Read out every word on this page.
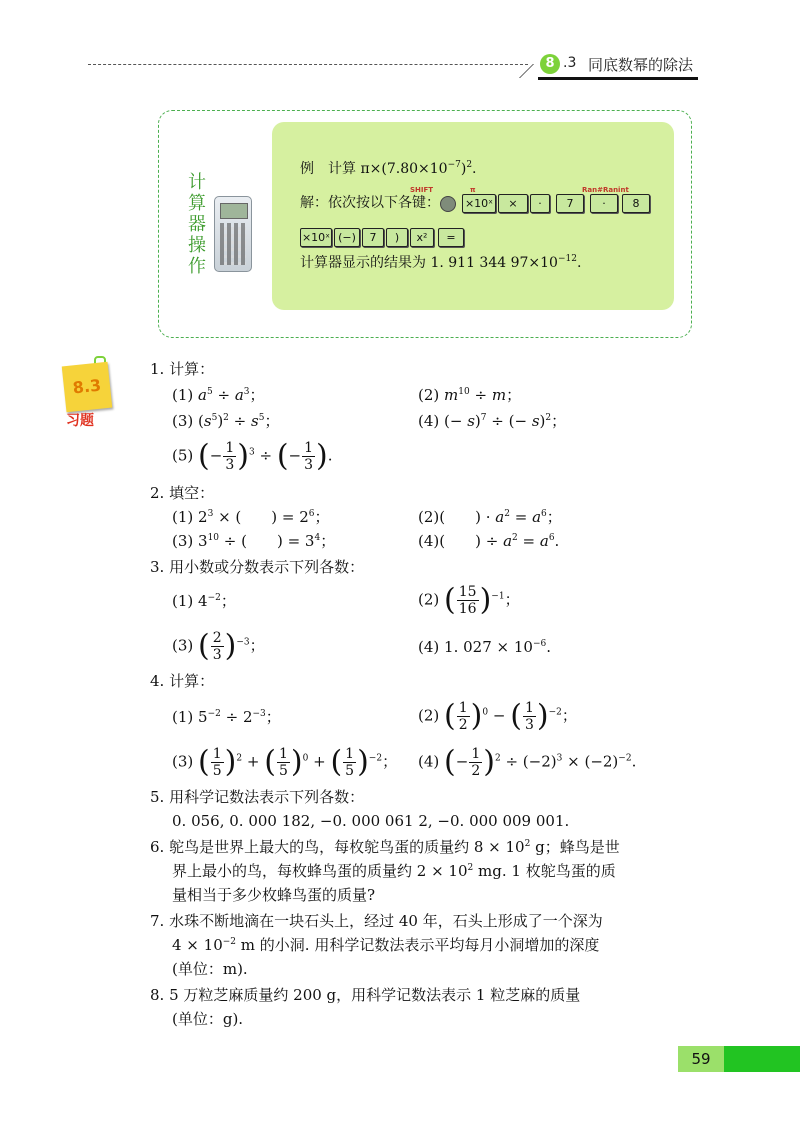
8 .3 同底数幂的除法
计算器操作
例　计算 $\pi\times(7.80\times 10^{-7})^2$.
解：依次按以下各键：
SHIFT	π	Ran#Ranint
×10ˣ	×	·	7	·	8
×10ˣ (−)	7	)	x²	=
计算器显示的结果为 1. 911 344 $97\times 10^{-12}$.
8.3
习题
1. 计算：
(1) $a^5 \div a^3$；	(2) $m^{10} \div m$；
(3) $(s^5)^2 \div s^5$；	(4) (− s)$^7$ ÷ (− s)$^2$；
(5) (− $\frac{1}{3} )^3$ ÷ (− $\frac{1}{3}$ ).
2. 填空：
(1) $2^3$ × (　　) = $2^6$；	(2)(　　) · $a^2 = a^6$；
(3) $3^{10}$ ÷ (　　) = $3^4$；	(4)(　　) ÷ $a^2 = a^6$.
3. 用小数或分数表示下列各数：
(1) $4^{-2}$；	(2) ( $\frac{15}{16} )^{-1}$；
(3) ( $\frac{2}{3} )^{-3}$；	(4) 1. $027 \times 10^{-6}$.
4. 计算：
(1) $5^{-2} \div 2^{-3}$；	(2) ( $\frac{1}{2} )^0$ − ( $\frac{1}{3} )^{-2}$；
(3) ( $\frac{1}{5} )^2$ + ( $\frac{1}{5} )^0$ + ( $\frac{1}{5} )^{-2}$； (4) (− $\frac{1}{2} )^2 \div (-2)^3 \times (-2)^{-2}$.
5. 用科学记数法表示下列各数：
0. 056, 0. 000 182, −0. 000 061 2, −0. 000 009 001.
6. 鸵鸟是世界上最大的鸟，每枚鸵鸟蛋的质量约 $8 \times 10^2$ g；蜂鸟是世
界上最小的鸟，每枚蜂鸟蛋的质量约 $2 \times 10^2$ mg. 1 枚鸵鸟蛋的质
量相当于多少枚蜂鸟蛋的质量?
7. 水珠不断地滴在一块石头上，经过 40 年，石头上形成了一个深为
$4 \times 10^{-2}$ m 的小洞. 用科学记数法表示平均每月小洞增加的深度
(单位：m).
8. 5 万粒芝麻质量约 200 g，用科学记数法表示 1 粒芝麻的质量
(单位：g).
59
